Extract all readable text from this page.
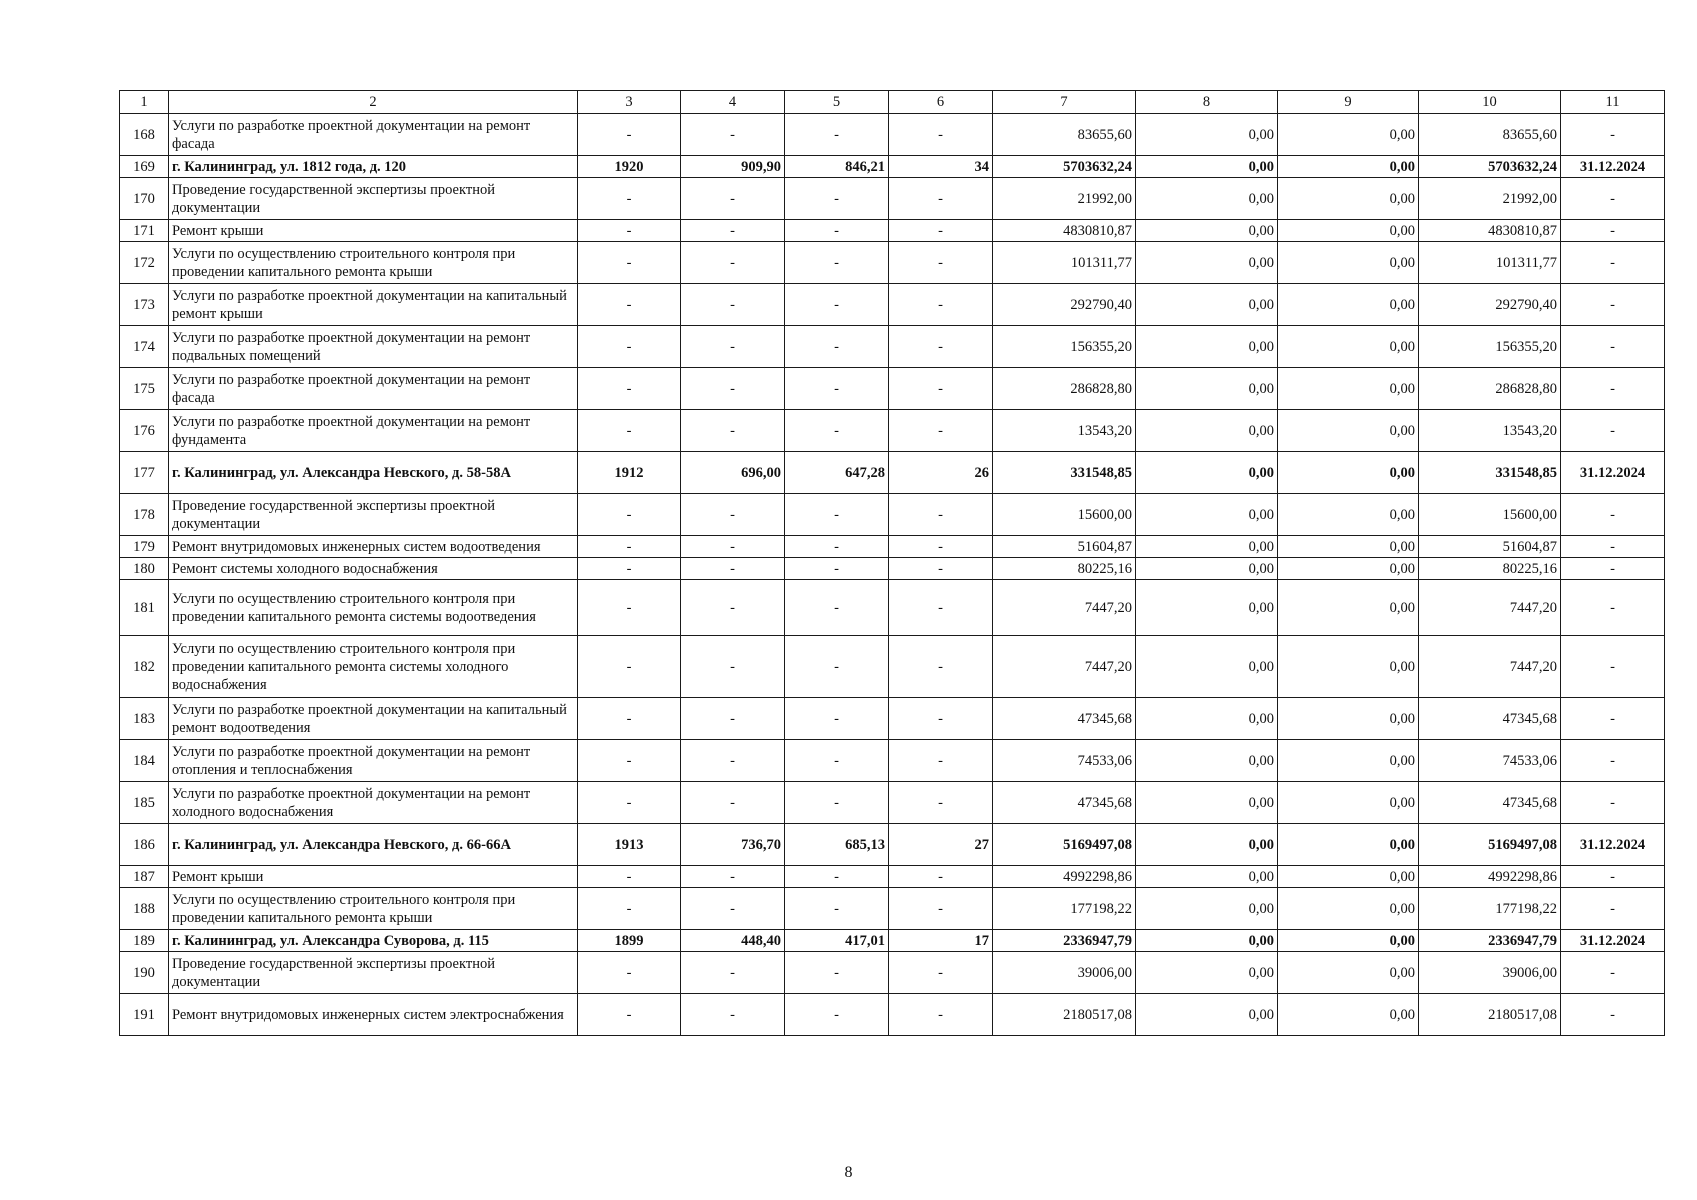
1	2	3	4	5	6	7	8	9	10	11
168	Услуги по разработке проектной документации на ремонт фасада	-	-	-	-	83655,60	0,00	0,00	83655,60	-
169	г. Калининград, ул. 1812 года, д. 120	1920	909,90	846,21	34	5703632,24	0,00	0,00	5703632,24	31.12.2024
170	Проведение государственной экспертизы проектной документации	-	-	-	-	21992,00	0,00	0,00	21992,00	-
171	Ремонт крыши	-	-	-	-	4830810,87	0,00	0,00	4830810,87	-
172	Услуги по осуществлению строительного контроля при проведении капитального ремонта крыши	-	-	-	-	101311,77	0,00	0,00	101311,77	-
173	Услуги по разработке проектной документации на капитальный ремонт крыши	-	-	-	-	292790,40	0,00	0,00	292790,40	-
174	Услуги по разработке проектной документации на ремонт подвальных помещений	-	-	-	-	156355,20	0,00	0,00	156355,20	-
175	Услуги по разработке проектной документации на ремонт фасада	-	-	-	-	286828,80	0,00	0,00	286828,80	-
176	Услуги по разработке проектной документации на ремонт фундамента	-	-	-	-	13543,20	0,00	0,00	13543,20	-
177	г. Калининград, ул. Александра Невского, д. 58-58А	1912	696,00	647,28	26	331548,85	0,00	0,00	331548,85	31.12.2024
178	Проведение государственной экспертизы проектной документации	-	-	-	-	15600,00	0,00	0,00	15600,00	-
179	Ремонт внутридомовых инженерных систем водоотведения	-	-	-	-	51604,87	0,00	0,00	51604,87	-
180	Ремонт системы холодного водоснабжения	-	-	-	-	80225,16	0,00	0,00	80225,16	-
181	Услуги по осуществлению строительного контроля при проведении капитального ремонта системы водоотведения	-	-	-	-	7447,20	0,00	0,00	7447,20	-
182	Услуги по осуществлению строительного контроля при проведении капитального ремонта системы холодного водоснабжения	-	-	-	-	7447,20	0,00	0,00	7447,20	-
183	Услуги по разработке проектной документации на капитальный ремонт водоотведения	-	-	-	-	47345,68	0,00	0,00	47345,68	-
184	Услуги по разработке проектной документации на ремонт отопления и теплоснабжения	-	-	-	-	74533,06	0,00	0,00	74533,06	-
185	Услуги по разработке проектной документации на ремонт холодного водоснабжения	-	-	-	-	47345,68	0,00	0,00	47345,68	-
186	г. Калининград, ул. Александра Невского, д. 66-66А	1913	736,70	685,13	27	5169497,08	0,00	0,00	5169497,08	31.12.2024
187	Ремонт крыши	-	-	-	-	4992298,86	0,00	0,00	4992298,86	-
188	Услуги по осуществлению строительного контроля при проведении капитального ремонта крыши	-	-	-	-	177198,22	0,00	0,00	177198,22	-
189	г. Калининград, ул. Александра Суворова, д. 115	1899	448,40	417,01	17	2336947,79	0,00	0,00	2336947,79	31.12.2024
190	Проведение государственной экспертизы проектной документации	-	-	-	-	39006,00	0,00	0,00	39006,00	-
191	Ремонт внутридомовых инженерных систем электроснабжения	-	-	-	-	2180517,08	0,00	0,00	2180517,08	-
8
